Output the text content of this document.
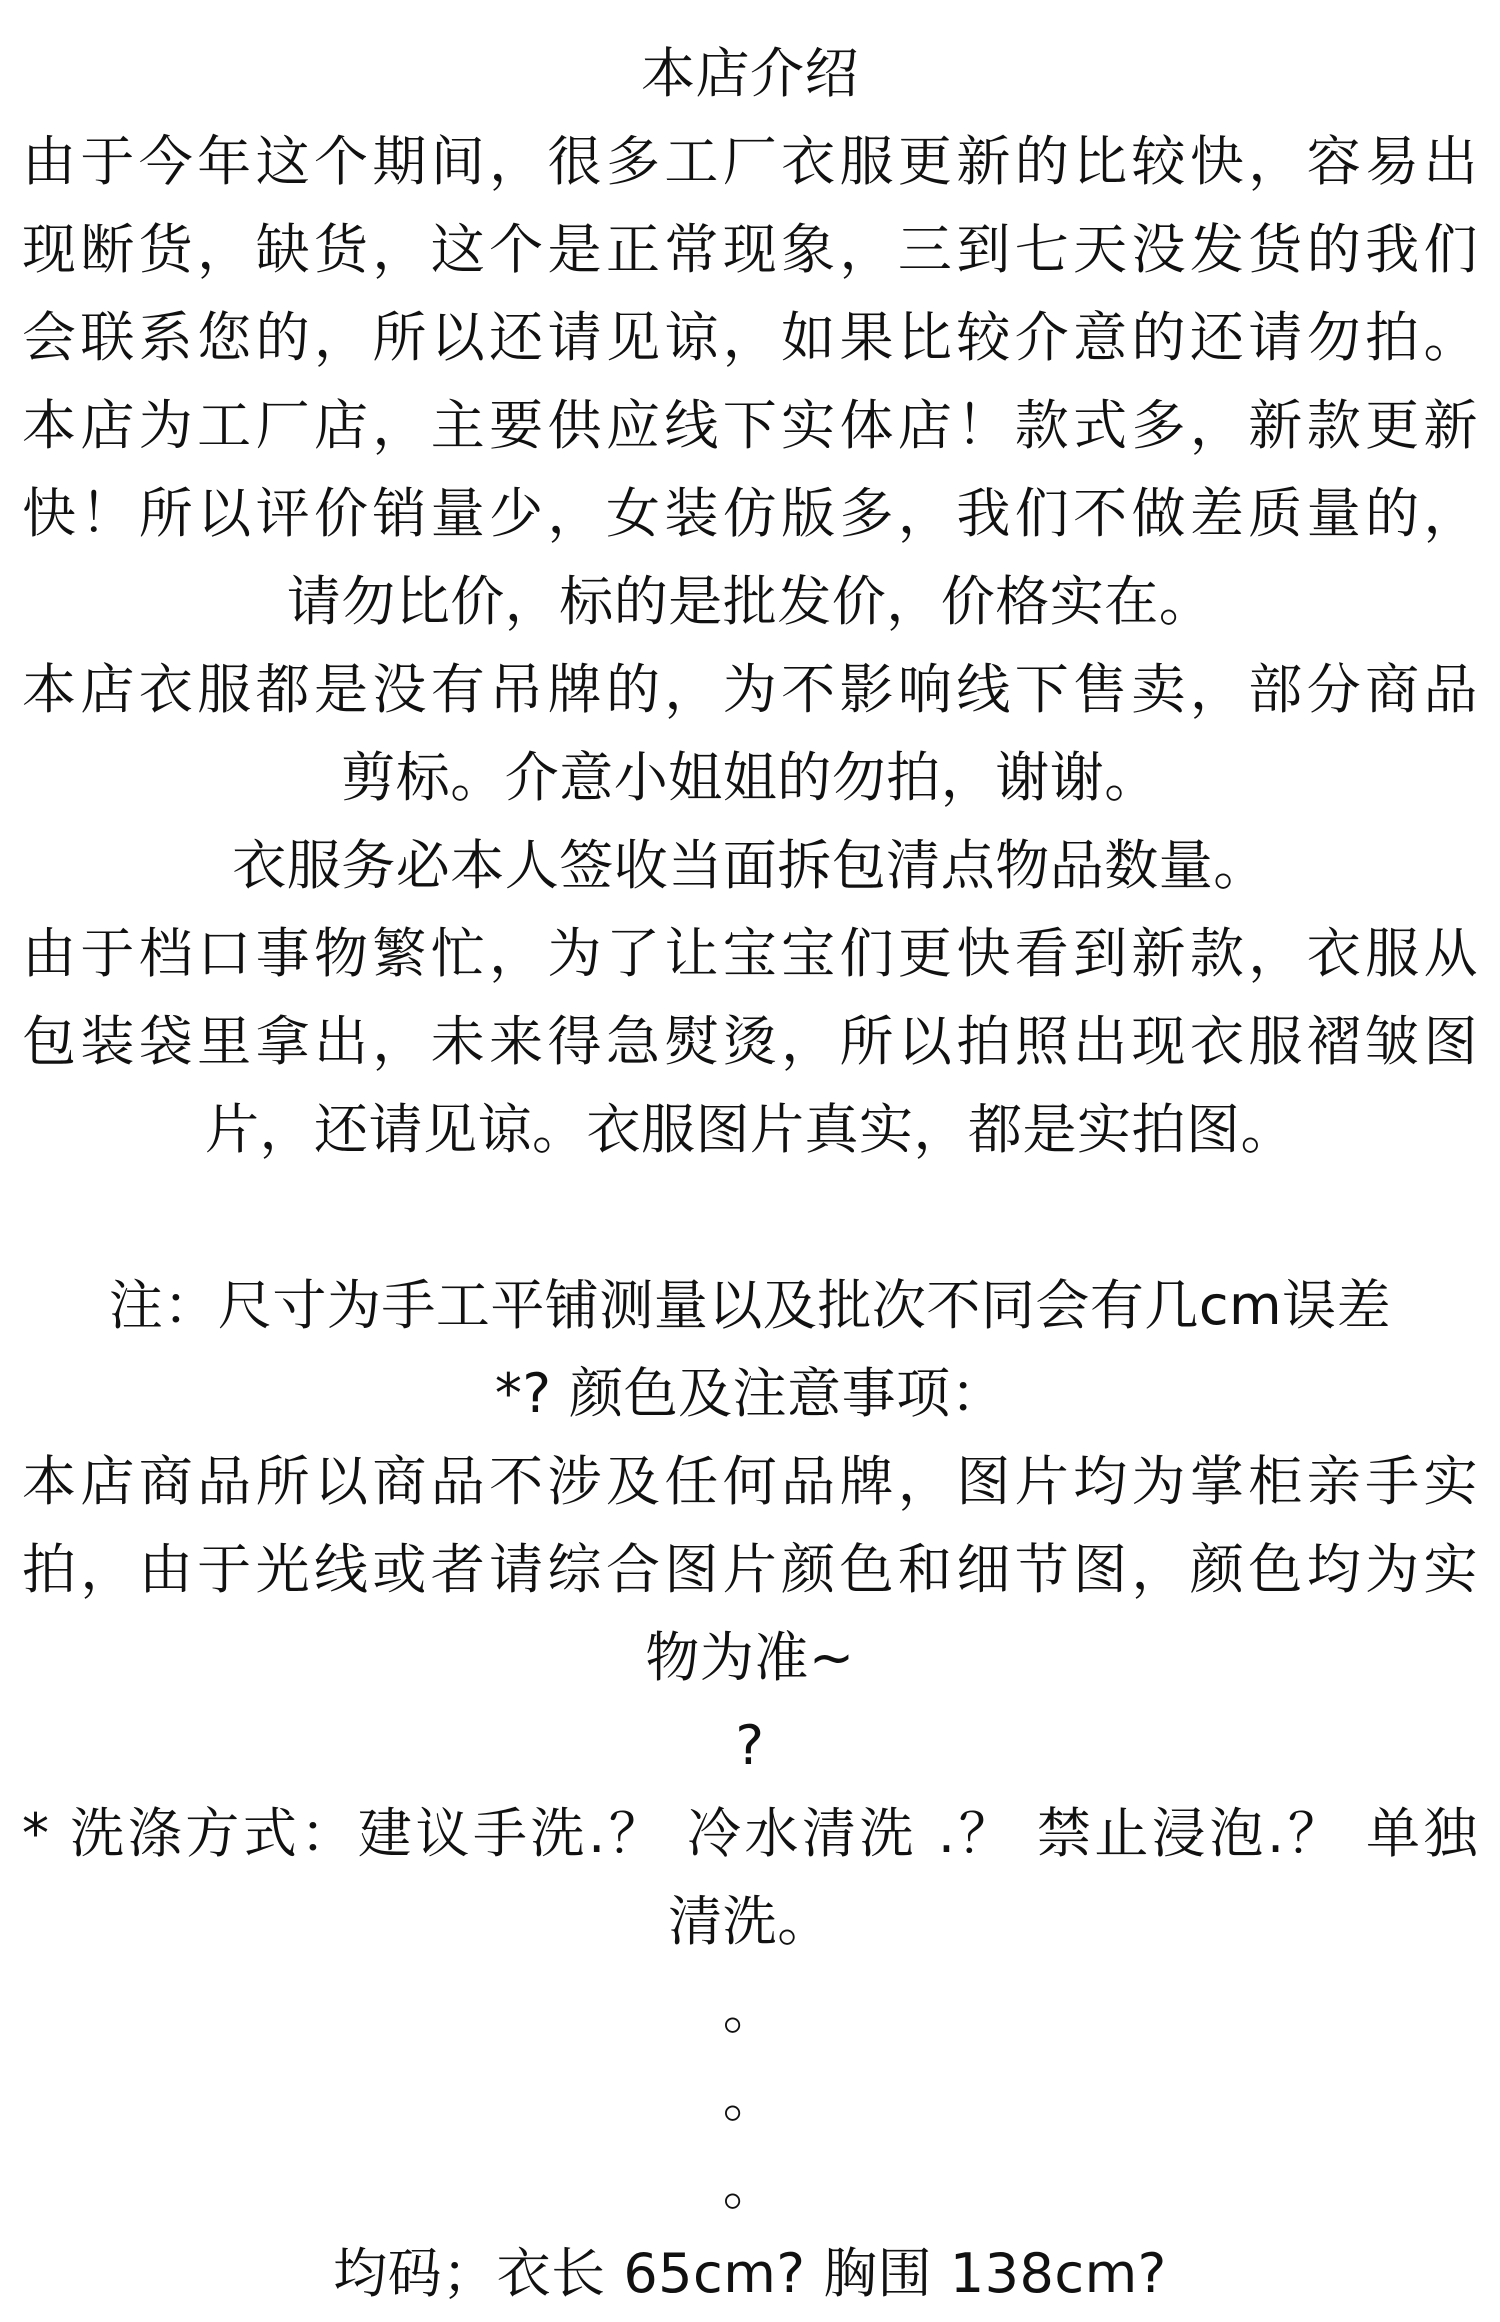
本店介绍
由于今年这个期间，很多工厂衣服更新的比较快，容易出
现断货，缺货，这个是正常现象，三到七天没发货的我们
会联系您的，所以还请见谅，如果比较介意的还请勿拍。
本店为工厂店，主要供应线下实体店！款式多，新款更新
快！所以评价销量少，女装仿版多，我们不做差质量的，
请勿比价，标的是批发价，价格实在。
本店衣服都是没有吊牌的，为不影响线下售卖，部分商品
剪标。介意小姐姐的勿拍，谢谢。
衣服务必本人签收当面拆包清点物品数量。
由于档口事物繁忙，为了让宝宝们更快看到新款，衣服从
包装袋里拿出，未来得急熨烫，所以拍照出现衣服褶皱图
片，还请见谅。衣服图片真实，都是实拍图。
注：尺寸为手工平铺测量以及批次不同会有几cm误差
*? 颜色及注意事项：
本店商品所以商品不涉及任何品牌，图片均为掌柜亲手实
拍，由于光线或者请综合图片颜色和细节图，颜色均为实
物为准~
?
* 洗涤方式：建议手洗.？ 冷水清洗 .？ 禁止浸泡.？ 单独
清洗。
。
。
。
均码；衣长 65cm? 胸围 138cm?
